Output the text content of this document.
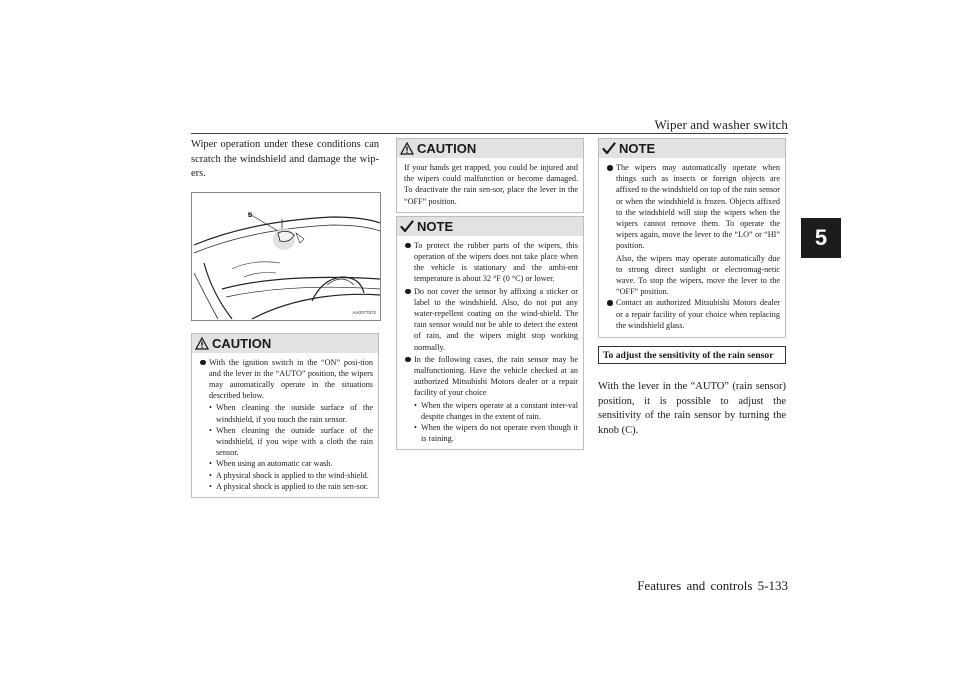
Wiper and washer switch
5

Wiper operation under these conditions can scratch the windshield and damage the wip-ers.

B
AA0077572
CAUTION

With the ignition switch in the “ON” posi-tion and the lever in the “AUTO” position, the wipers may automatically operate in the situations described below.

• When cleaning the outside surface of the windshield, if you touch the rain sensor.

• When cleaning the outside surface of the windshield, if you wipe with a cloth the rain sensor.

• When using an automatic car wash.

• A physical shock is applied to the wind-shield.

• A physical shock is applied to the rain sen-sor.

CAUTION

If your hands get trapped, you could be injured and the wipers could malfunction or become damaged. To deactivate the rain sen-sor, place the lever in the “OFF” position.

NOTE

To protect the rubber parts of the wipers, this operation of the wipers does not take place when the vehicle is stationary and the ambi-ent temperature is about 32 °F (0 °C) or lower.

Do not cover the sensor by affixing a sticker or label to the windshield. Also, do not put any water-repellent coating on the wind-shield. The rain sensor would not be able to detect the extent of rain, and the wipers might stop working normally.

In the following cases, the rain sensor may be malfunctioning. Have the vehicle checked at an authorized Mitsubishi Motors dealer or a repair facility of your choice

• When the wipers operate at a constant inter-val despite changes in the extent of rain.

• When the wipers do not operate even though it is raining.

NOTE

The wipers may automatically operate when things such as insects or foreign objects are affixed to the windshield on top of the rain sensor or when the windshield is frozen. Objects affixed to the windshield will stop the wipers when the wipers cannot remove them. To operate the wipers again, move the lever to the “LO” or “HI” position.

Also, the wipers may operate automatically due to strong direct sunlight or electromag-netic wave. To stop the wipers, move the lever to the “OFF” position.

Contact an authorized Mitsubishi Motors dealer or a repair facility of your choice when replacing the windshield glass.

To adjust the sensitivity of the rain sensor

With the lever in the “AUTO” (rain sensor) position, it is possible to adjust the sensitivity of the rain sensor by turning the knob (C).

Features and controls 5-133
